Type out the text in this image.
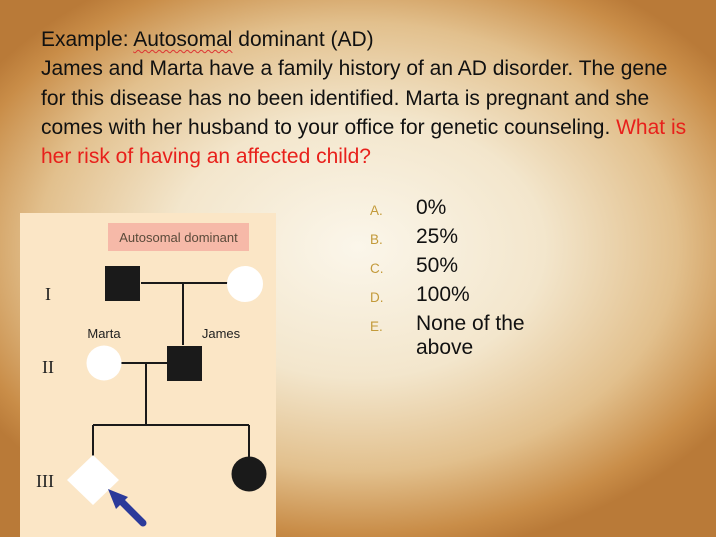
Example: Autosomal dominant (AD)
James and Marta have a family history of an AD disorder. The gene for this disease has no been identified. Marta is pregnant and she comes with her husband to your office for genetic counseling. What is her risk of having an affected child?
A. 0%
B. 25%
C. 50%
D. 100%
E. None of the above
Autosomal dominant
I
II
III
Marta	James
